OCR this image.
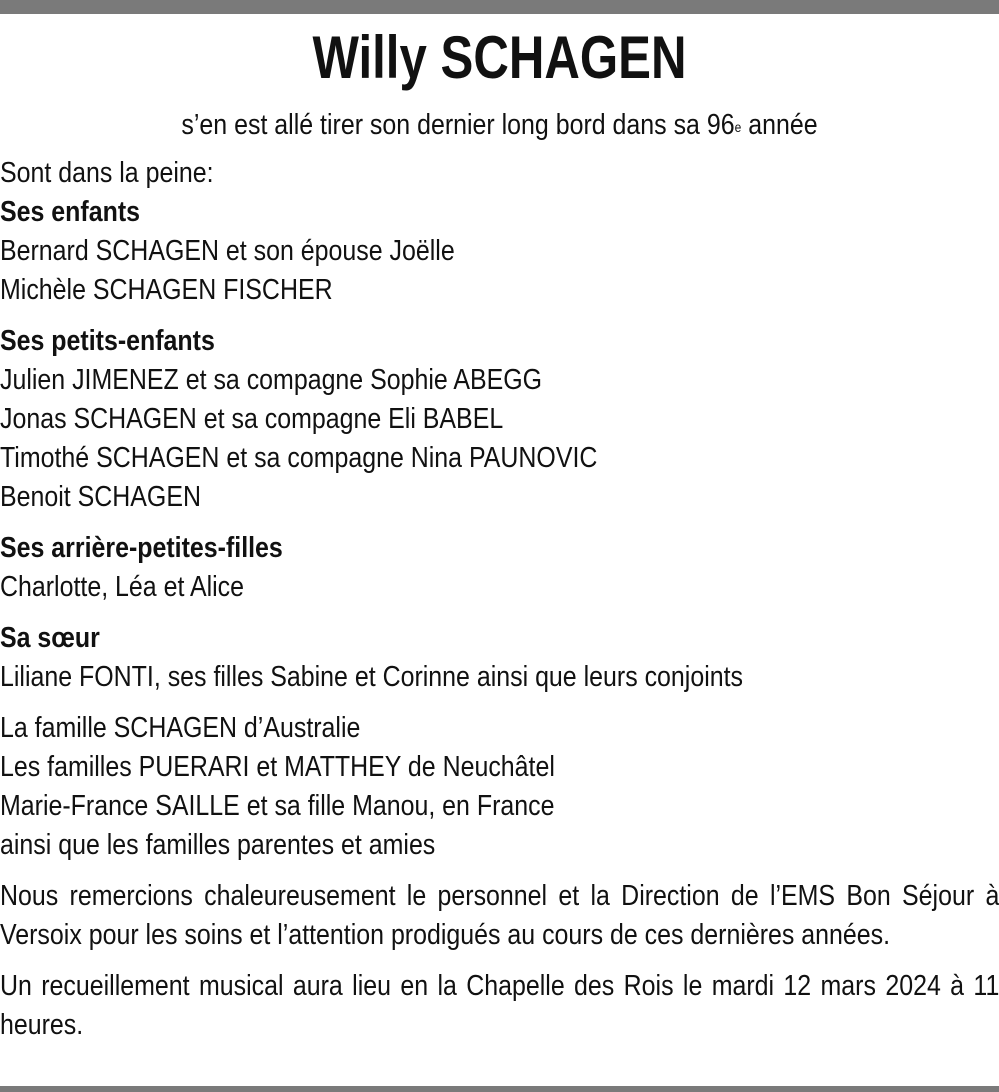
Willy SCHAGEN
s’en est allé tirer son dernier long bord dans sa 96e année
Sont dans la peine:
Ses enfants
Bernard SCHAGEN et son épouse Joëlle
Michèle SCHAGEN FISCHER
Ses petits-enfants
Julien JIMENEZ et sa compagne Sophie ABEGG
Jonas SCHAGEN et sa compagne Eli BABEL
Timothé SCHAGEN et sa compagne Nina PAUNOVIC
Benoit SCHAGEN
Ses arrière-petites-filles
Charlotte, Léa et Alice
Sa sœur
Liliane FONTI, ses filles Sabine et Corinne ainsi que leurs conjoints
La famille SCHAGEN d’Australie
Les familles PUERARI et MATTHEY de Neuchâtel
Marie-France SAILLE et sa fille Manou, en France
ainsi que les familles parentes et amies
Nous remercions chaleureusement le personnel et la Direction de l’EMS Bon Séjour à Versoix pour les soins et l’attention prodigués au cours de ces dernières années.
Un recueillement musical aura lieu en la Chapelle des Rois le mardi 12 mars 2024 à 11 heures.
